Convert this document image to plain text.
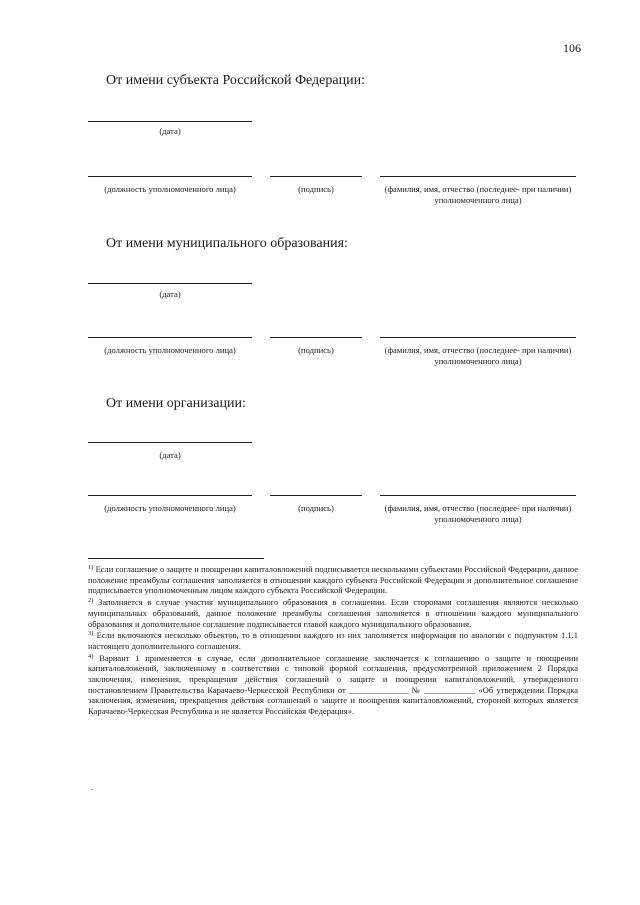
106
От имени субъекта Российской Федерации:
(дата)
(должность уполномоченного лица)	(подпись)	(фамилия, имя, отчество (последнее- при наличии) уполномоченного лица)
От имени муниципального образования:
(дата)
(должность уполномоченного лица)	(подпись)	(фамилия, имя, отчество (последнее- при наличии) уполномоченного лица)
От имени организации:
(дата)
(должность уполномоченного лица)	(подпись)	(фамилия, имя, отчество (последнее- при наличии) уполномоченного лица)

$^{1)}$ Если соглашение о защите и поощрении капиталовложений подписывается несколькими субъектами Российской Федерации, данное положение преамбулы соглашения заполняется в отношении каждого субъекта Российской Федерации и дополнительное соглашение подписывается уполномоченным лицом каждого субъекта Российской Федерации.

$^{2)}$ Заполняется в случае участия муниципального образования в соглашении. Если сторонами соглашения являются несколько муниципальных образований, данное положение преамбулы соглашения заполняется в отношении каждого муниципального образования и дополнительное соглашение подписывается главой каждого муниципального образования.

$^{3)}$ Если включаются несколько объектов, то в отношении каждого из них заполняется информация по аналогии с подпунктом 1.1.1 настоящего дополнительного соглашения.

$^{4)}$ Вариант 1 применяется в случае, если дополнительное соглашение заключается к соглашению о защите и поощрении капиталовложений, заключенному в соответствии с типовой формой соглашения, предусмотренной приложением 2 Порядка заключения, изменения, прекращения действия соглашений о защите и поощрении капиталовложений, утвержденного постановлением Правительства Карачаево-Черкесской Республики от ______________ № ____________ «Об утверждении Порядка заключения, изменения, прекращения действия соглашений о защите и поощрении капиталовложений, стороной которых является Карачаево-Черкесская Республика и не является Российская Федерация».

.
